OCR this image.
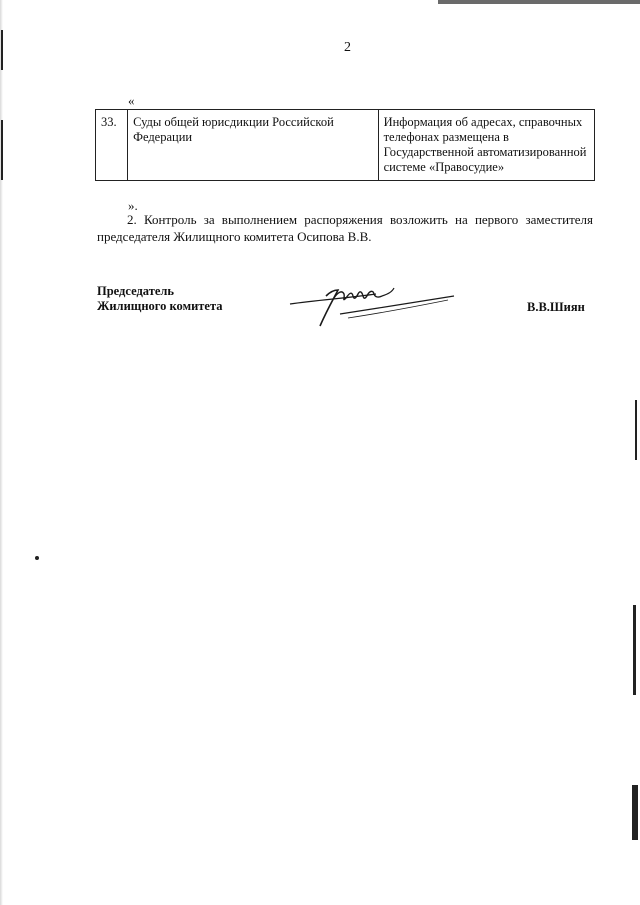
2
«
33.	Суды общей юрисдикции Российской Федерации	Информация об адресах, справочных телефонах размещена в Государственной автоматизированной системе «Правосудие»
».
2. Контроль за выполнением распоряжения возложить на первого заместителя председателя Жилищного комитета Осипова В.В.
Председатель
Жилищного комитета	В.В.Шиян
